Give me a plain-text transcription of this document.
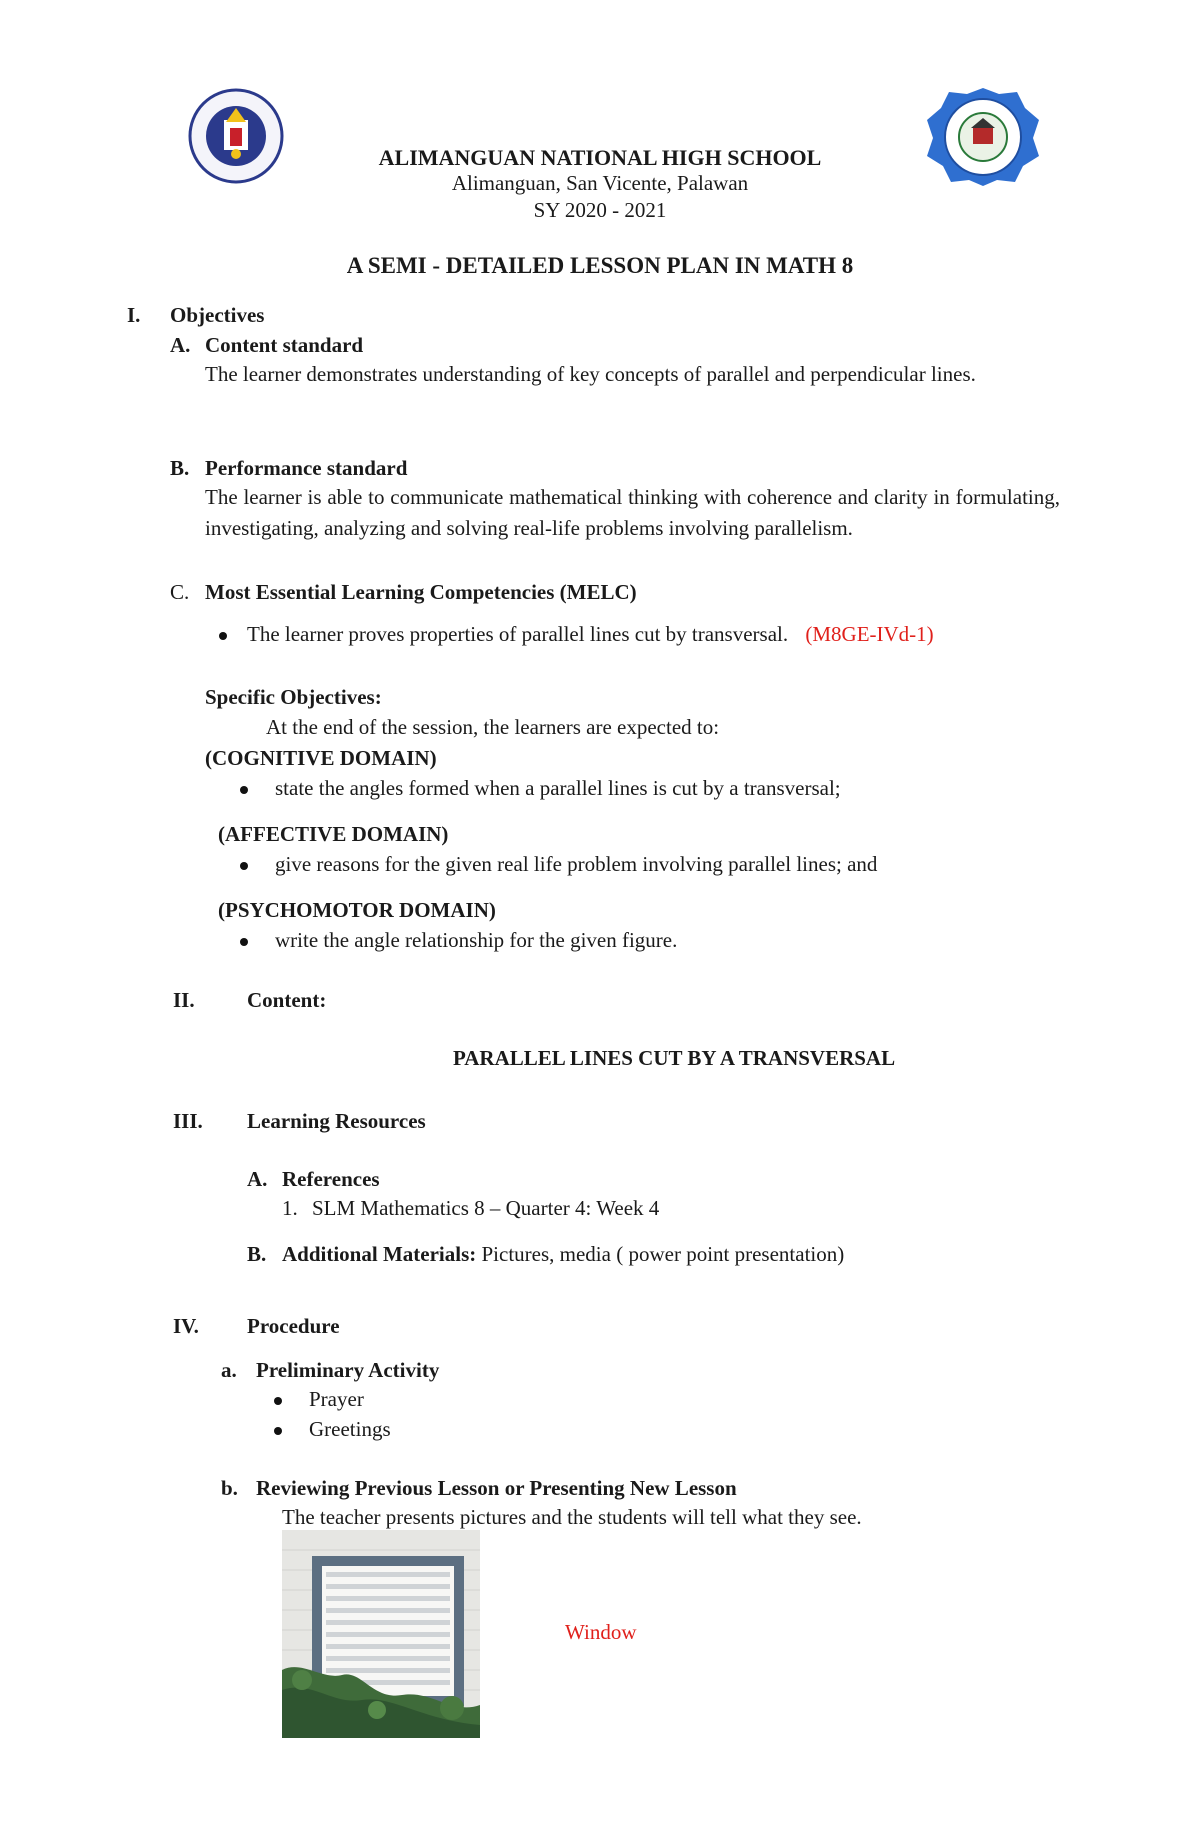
ALIMANGUAN NATIONAL HIGH SCHOOL
Alimanguan, San Vicente, Palawan
SY 2020 - 2021
A SEMI - DETAILED LESSON PLAN IN MATH 8
I. Objectives
A. Content standard
The learner demonstrates understanding of key concepts of parallel and perpendicular lines.
B. Performance standard
The learner is able to communicate mathematical thinking with coherence and clarity in formulating, investigating, analyzing and solving real-life problems involving parallelism.
C. Most Essential Learning Competencies (MELC)
The learner proves properties of parallel lines cut by transversal. (M8GE-IVd-1)
Specific Objectives:
At the end of the session, the learners are expected to:
(COGNITIVE DOMAIN)
state the angles formed when a parallel lines is cut by a transversal;
(AFFECTIVE DOMAIN)
give reasons for the given real life problem involving parallel lines; and
(PSYCHOMOTOR DOMAIN)
write the angle relationship for the given figure.
II. Content:
PARALLEL LINES CUT BY A TRANSVERSAL
III. Learning Resources
A. References
1. SLM Mathematics 8 – Quarter 4: Week 4
B. Additional Materials: Pictures, media ( power point presentation)
IV. Procedure
a. Preliminary Activity
Prayer
Greetings
b. Reviewing Previous Lesson or Presenting New Lesson
The teacher presents pictures and the students will tell what they see.
Window
